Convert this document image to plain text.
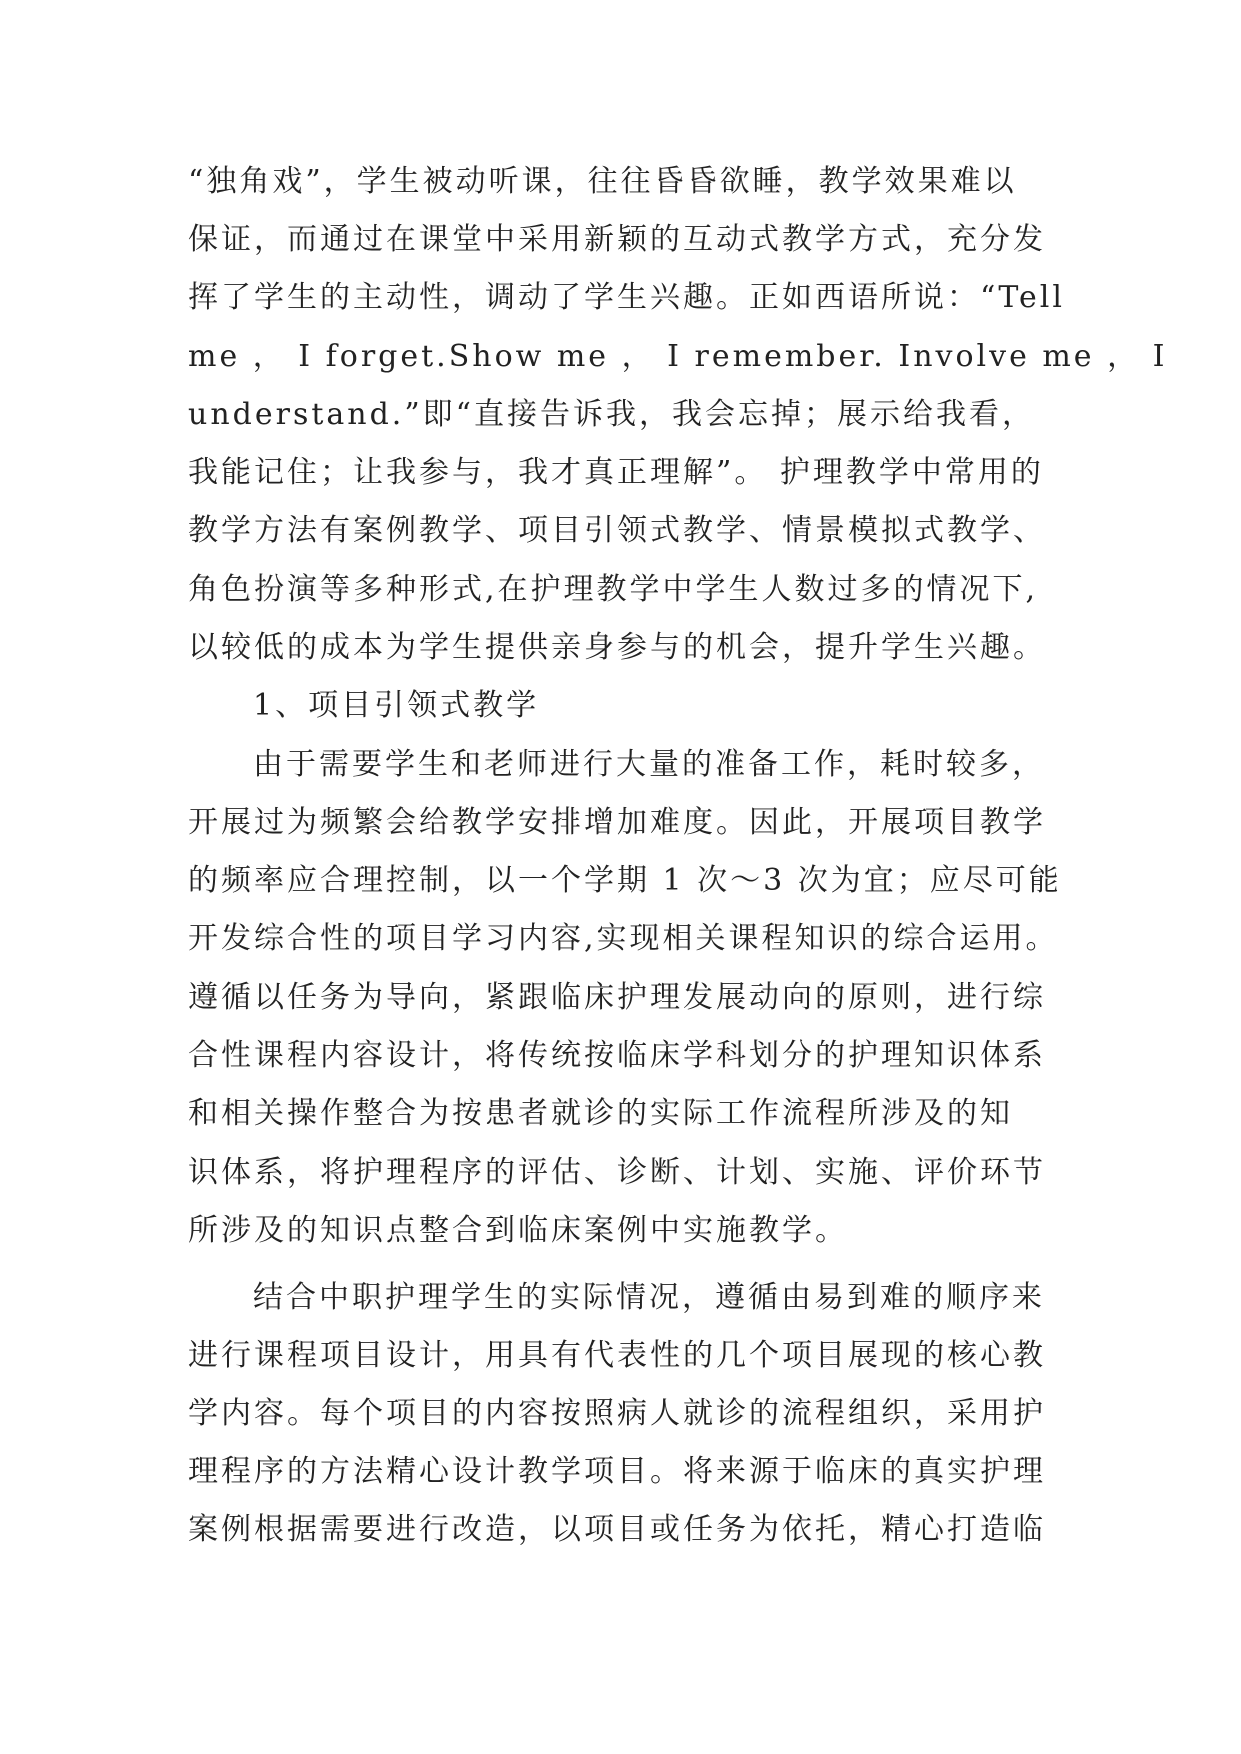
“独角戏”，学生被动听课，往往昏昏欲睡，教学效果难以
保证，而通过在课堂中采用新颖的互动式教学方式，充分发
挥了学生的主动性，调动了学生兴趣。正如西语所说：“Tell
me ， I forget.Show me ， I remember. Involve me ， I
understand.”即“直接告诉我，我会忘掉；展示给我看，
我能记住；让我参与，我才真正理解”。 护理教学中常用的
教学方法有案例教学、项目引领式教学、情景模拟式教学、
角色扮演等多种形式,在护理教学中学生人数过多的情况下,
以较低的成本为学生提供亲身参与的机会，提升学生兴趣。
1、项目引领式教学
由于需要学生和老师进行大量的准备工作，耗时较多，
开展过为频繁会给教学安排增加难度。因此，开展项目教学
的频率应合理控制，以一个学期 1 次～3 次为宜；应尽可能
开发综合性的项目学习内容,实现相关课程知识的综合运用。
遵循以任务为导向，紧跟临床护理发展动向的原则，进行综
合性课程内容设计，将传统按临床学科划分的护理知识体系
和相关操作整合为按患者就诊的实际工作流程所涉及的知
识体系，将护理程序的评估、诊断、计划、实施、评价环节
所涉及的知识点整合到临床案例中实施教学。
结合中职护理学生的实际情况，遵循由易到难的顺序来
进行课程项目设计，用具有代表性的几个项目展现的核心教
学内容。每个项目的内容按照病人就诊的流程组织，采用护
理程序的方法精心设计教学项目。将来源于临床的真实护理
案例根据需要进行改造，以项目或任务为依托，精心打造临
